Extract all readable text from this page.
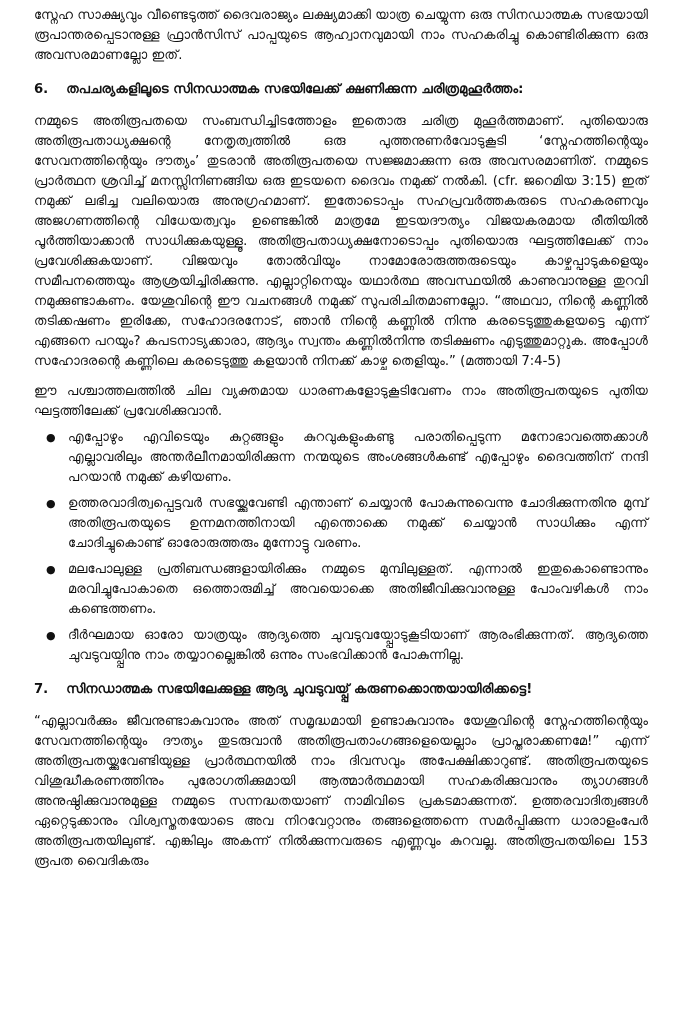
സ്നേഹ സാക്ഷ്യവും വീണ്ടെടുത്ത് ദൈവരാജ്യം ലക്ഷ്യമാക്കി യാത്ര ചെയ്യുന്ന ഒരു സിനഡാത്മക സഭയായി രൂപാന്തരപ്പെടാനുള്ള ഫ്രാൻസിസ് പാപ്പയുടെ ആഹ്വാനവുമായി നാം സഹകരിച്ചു കൊണ്ടിരിക്കുന്ന ഒരു അവസരമാണല്ലോ ഇത്.

6. തപചര്യകളിലൂടെ സിനഡാത്മക സഭയിലേക്ക് ക്ഷണിക്കുന്ന ചരിത്രമുഹൂർത്തം:

നമ്മുടെ അതിരൂപതയെ സംബന്ധിച്ചിടത്തോളം ഇതൊരു ചരിത്ര മുഹൂർത്തമാണ്. പുതിയൊരു അതിരൂപതാധ്യക്ഷന്റെ നേതൃത്വത്തിൽ ഒരു പുത്തനുണർവോടുകൂടി ‘സ്നേഹത്തിന്റെയും സേവനത്തിന്റെയും ദൗത്യം’ തുടരാൻ അതിരൂപതയെ സജ്ജമാക്കുന്ന ഒരു അവസരമാണിത്. നമ്മുടെ പ്രാർത്ഥന ശ്രവിച്ച് മനസ്സിനിണങ്ങിയ ഒരു ഇടയനെ ദൈവം നമുക്ക് നൽകി. (cfr. ജറെമിയ 3:15) ഇത് നമുക്ക് ലഭിച്ച വലിയൊരു അനുഗ്രഹമാണ്. ഇതോടൊപ്പം സഹപ്രവർത്തകരുടെ സഹകരണവും അജഗണത്തിന്റെ വിധേയത്വവും ഉണ്ടെങ്കിൽ മാത്രമേ ഇടയദൗത്യം വിജയകരമായ രീതിയിൽ പൂർത്തിയാക്കാൻ സാധിക്കുകയുള്ളൂ. അതിരൂപതാധ്യക്ഷനോടൊപ്പം പുതിയൊരു ഘട്ടത്തിലേക്ക് നാം പ്രവേശിക്കുകയാണ്. വിജയവും തോൽവിയും നാമോരോരുത്തരുടെയും കാഴ്ചപ്പാടുകളെയും സമീപനത്തെയും ആശ്രയിച്ചിരിക്കുന്നു. എല്ലാറ്റിനെയും യഥാർത്ഥ അവസ്ഥയിൽ കാണുവാനുള്ള തുറവി നമുക്കുണ്ടാകണം. യേശുവിന്റെ ഈ വചനങ്ങൾ നമുക്ക് സുപരിചിതമാണല്ലോ. “അഥവാ, നിന്റെ കണ്ണിൽ തടിക്കഷണം ഇരിക്കേ, സഹോദരനോട്, ഞാൻ നിന്റെ കണ്ണിൽ നിന്നു കരടെടുത്തുകളയട്ടെ എന്ന് എങ്ങനെ പറയും? കപടനാട്യക്കാരാ, ആദ്യം സ്വന്തം കണ്ണിൽനിന്നു തടിക്ഷണം എടുത്തുമാറ്റുക. അപ്പോൾ സഹോദരന്റെ കണ്ണിലെ കരടെടുത്തു കളയാൻ നിനക്ക് കാഴ്ച തെളിയും.” (മത്തായി 7:4-5)

ഈ പശ്ചാത്തലത്തിൽ ചില വ്യക്തമായ ധാരണകളോടുകൂടിവേണം നാം അതിരൂപതയുടെ പുതിയ ഘട്ടത്തിലേക്ക് പ്രവേശിക്കുവാൻ.

● എപ്പോഴും എവിടെയും കുറ്റങ്ങളും കുറവുകളുംകണ്ടു പരാതിപ്പെടുന്ന മനോഭാവത്തെക്കാൾ എല്ലാവരിലും അന്തർലീനമായിരിക്കുന്ന നന്മയുടെ അംശങ്ങൾകണ്ട് എപ്പോഴും ദൈവത്തിന് നന്ദി പറയാൻ നമുക്ക് കഴിയണം.
● ഉത്തരവാദിത്വപ്പെട്ടവർ സഭയ്ക്കുവേണ്ടി എന്താണ് ചെയ്യാൻ പോകുന്നുവെന്നു ചോദിക്കുന്നതിനു മുമ്പ് അതിരൂപതയുടെ ഉന്നമനത്തിനായി എന്തൊക്കെ നമുക്ക് ചെയ്യാൻ സാധിക്കും എന്ന് ചോദിച്ചുകൊണ്ട് ഓരോരുത്തരും മുന്നോട്ടു വരണം.
● മലപോലുള്ള പ്രതിബന്ധങ്ങളായിരിക്കും നമ്മുടെ മുമ്പിലുള്ളത്. എന്നാൽ ഇതുകൊണ്ടൊന്നും മരവിച്ചുപോകാതെ ഒത്തൊരുമിച്ച് അവയൊക്കെ അതിജീവിക്കുവാനുള്ള പോംവഴികൾ നാം കണ്ടെത്തണം.
● ദീർഘമായ ഓരോ യാത്രയും ആദ്യത്തെ ചുവടുവയ്പ്പോടുകൂടിയാണ് ആരംഭിക്കുന്നത്. ആദ്യത്തെ ചുവടുവയ്പ്പിനു നാം തയ്യാറല്ലെങ്കിൽ ഒന്നും സംഭവിക്കാൻ പോകുന്നില്ല.
7. സിനഡാത്മക സഭയിലേക്കുള്ള ആദ്യ ചുവടുവയ്പ്പ് കരുണക്കൊന്തയായിരിക്കട്ടെ!

“എല്ലാവർക്കും ജീവനുണ്ടാകുവാനും അത് സമൃദ്ധമായി ഉണ്ടാകുവാനും യേശുവിന്റെ സ്നേഹത്തിന്റെയും സേവനത്തിന്റെയും ദൗത്യം തുടരുവാൻ അതിരൂപതാംഗങ്ങളെയെല്ലാം പ്രാപ്തരാക്കണമേ!” എന്ന് അതിരൂപതയ്ക്കുവേണ്ടിയുള്ള പ്രാർത്ഥനയിൽ നാം ദിവസവും അപേക്ഷിക്കാറുണ്ട്. അതിരൂപതയുടെ വിശുദ്ധീകരണത്തിനും പുരോഗതിക്കുമായി ആത്മാർത്ഥമായി സഹകരിക്കുവാനും ത്യാഗങ്ങൾ അനുഷ്ഠിക്കുവാനുമുള്ള നമ്മുടെ സന്നദ്ധതയാണ് നാമിവിടെ പ്രകടമാക്കുന്നത്. ഉത്തരവാദിത്വങ്ങൾ ഏറ്റെടുക്കാനും വിശ്വസ്തതയോടെ അവ നിറവേറ്റാനും തങ്ങളെത്തന്നെ സമർപ്പിക്കുന്ന ധാരാളംപേർ അതിരൂപതയിലുണ്ട്. എങ്കിലും അകന്ന് നിൽക്കുന്നവരുടെ എണ്ണവും കുറവല്ല. അതിരൂപതയിലെ 153 രൂപത വൈദികരും
